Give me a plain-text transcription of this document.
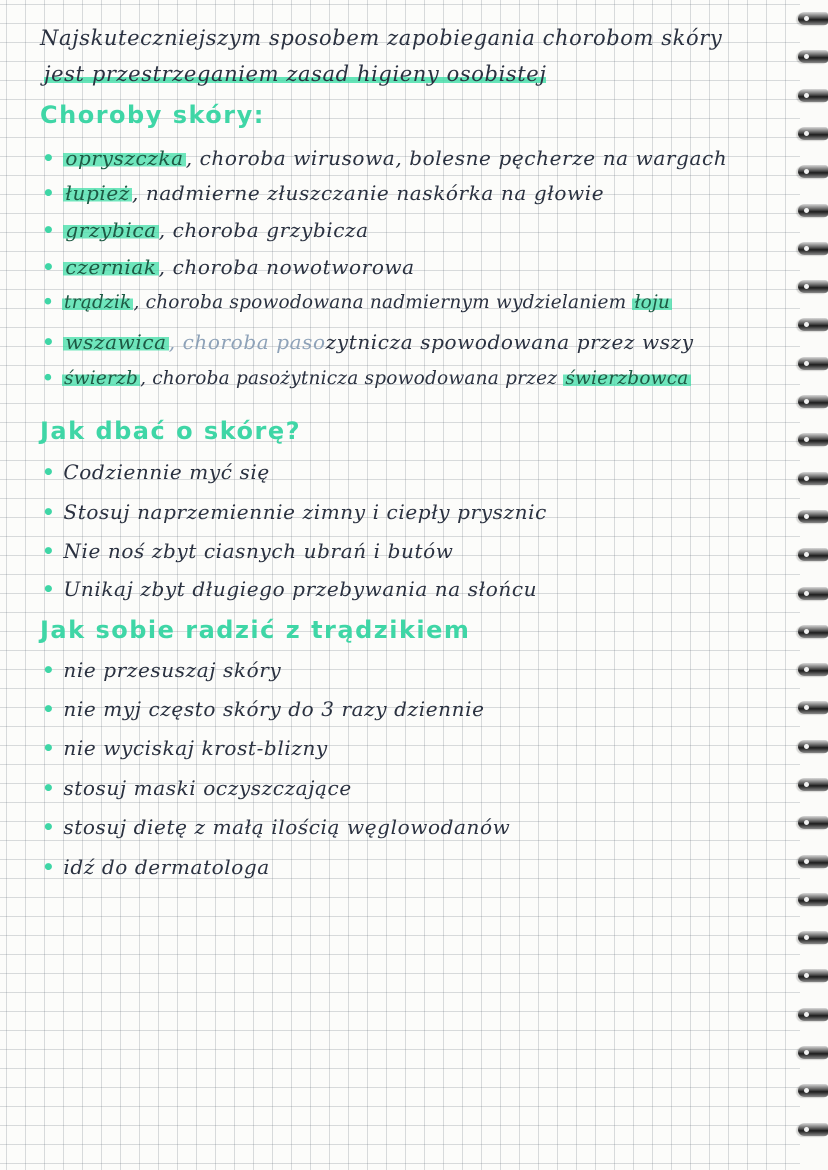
Najskuteczniejszym sposobem zapobiegania chorobom skóry
jest przestrzeganiem zasad higieny osobistej
Choroby skóry:
• opryszczka , choroba wirusowa, bolesne pęcherze na wargach
• łupież , nadmierne złuszczanie naskórka na głowie
• grzybica , choroba grzybicza
• czerniak , choroba nowotworowa
• trądzik , choroba spowodowana nadmiernym wydzielaniem łoju
• wszawica , choroba pasozytnicza spowodowana przez wszy
• świerzb , choroba pasożytnicza spowodowana przez świerzbowca
Jak dbać o skórę?
• Codziennie myć się
• Stosuj naprzemiennie zimny i ciepły prysznic
• Nie noś zbyt ciasnych ubrań i butów
• Unikaj zbyt długiego przebywania na słońcu
Jak sobie radzić z trądzikiem
• nie przesuszaj skóry
• nie myj często skóry do 3 razy dziennie
• nie wyciskaj krost-blizny
• stosuj maski oczyszczające
• stosuj dietę z małą ilością węglowodanów
• idź do dermatologa
